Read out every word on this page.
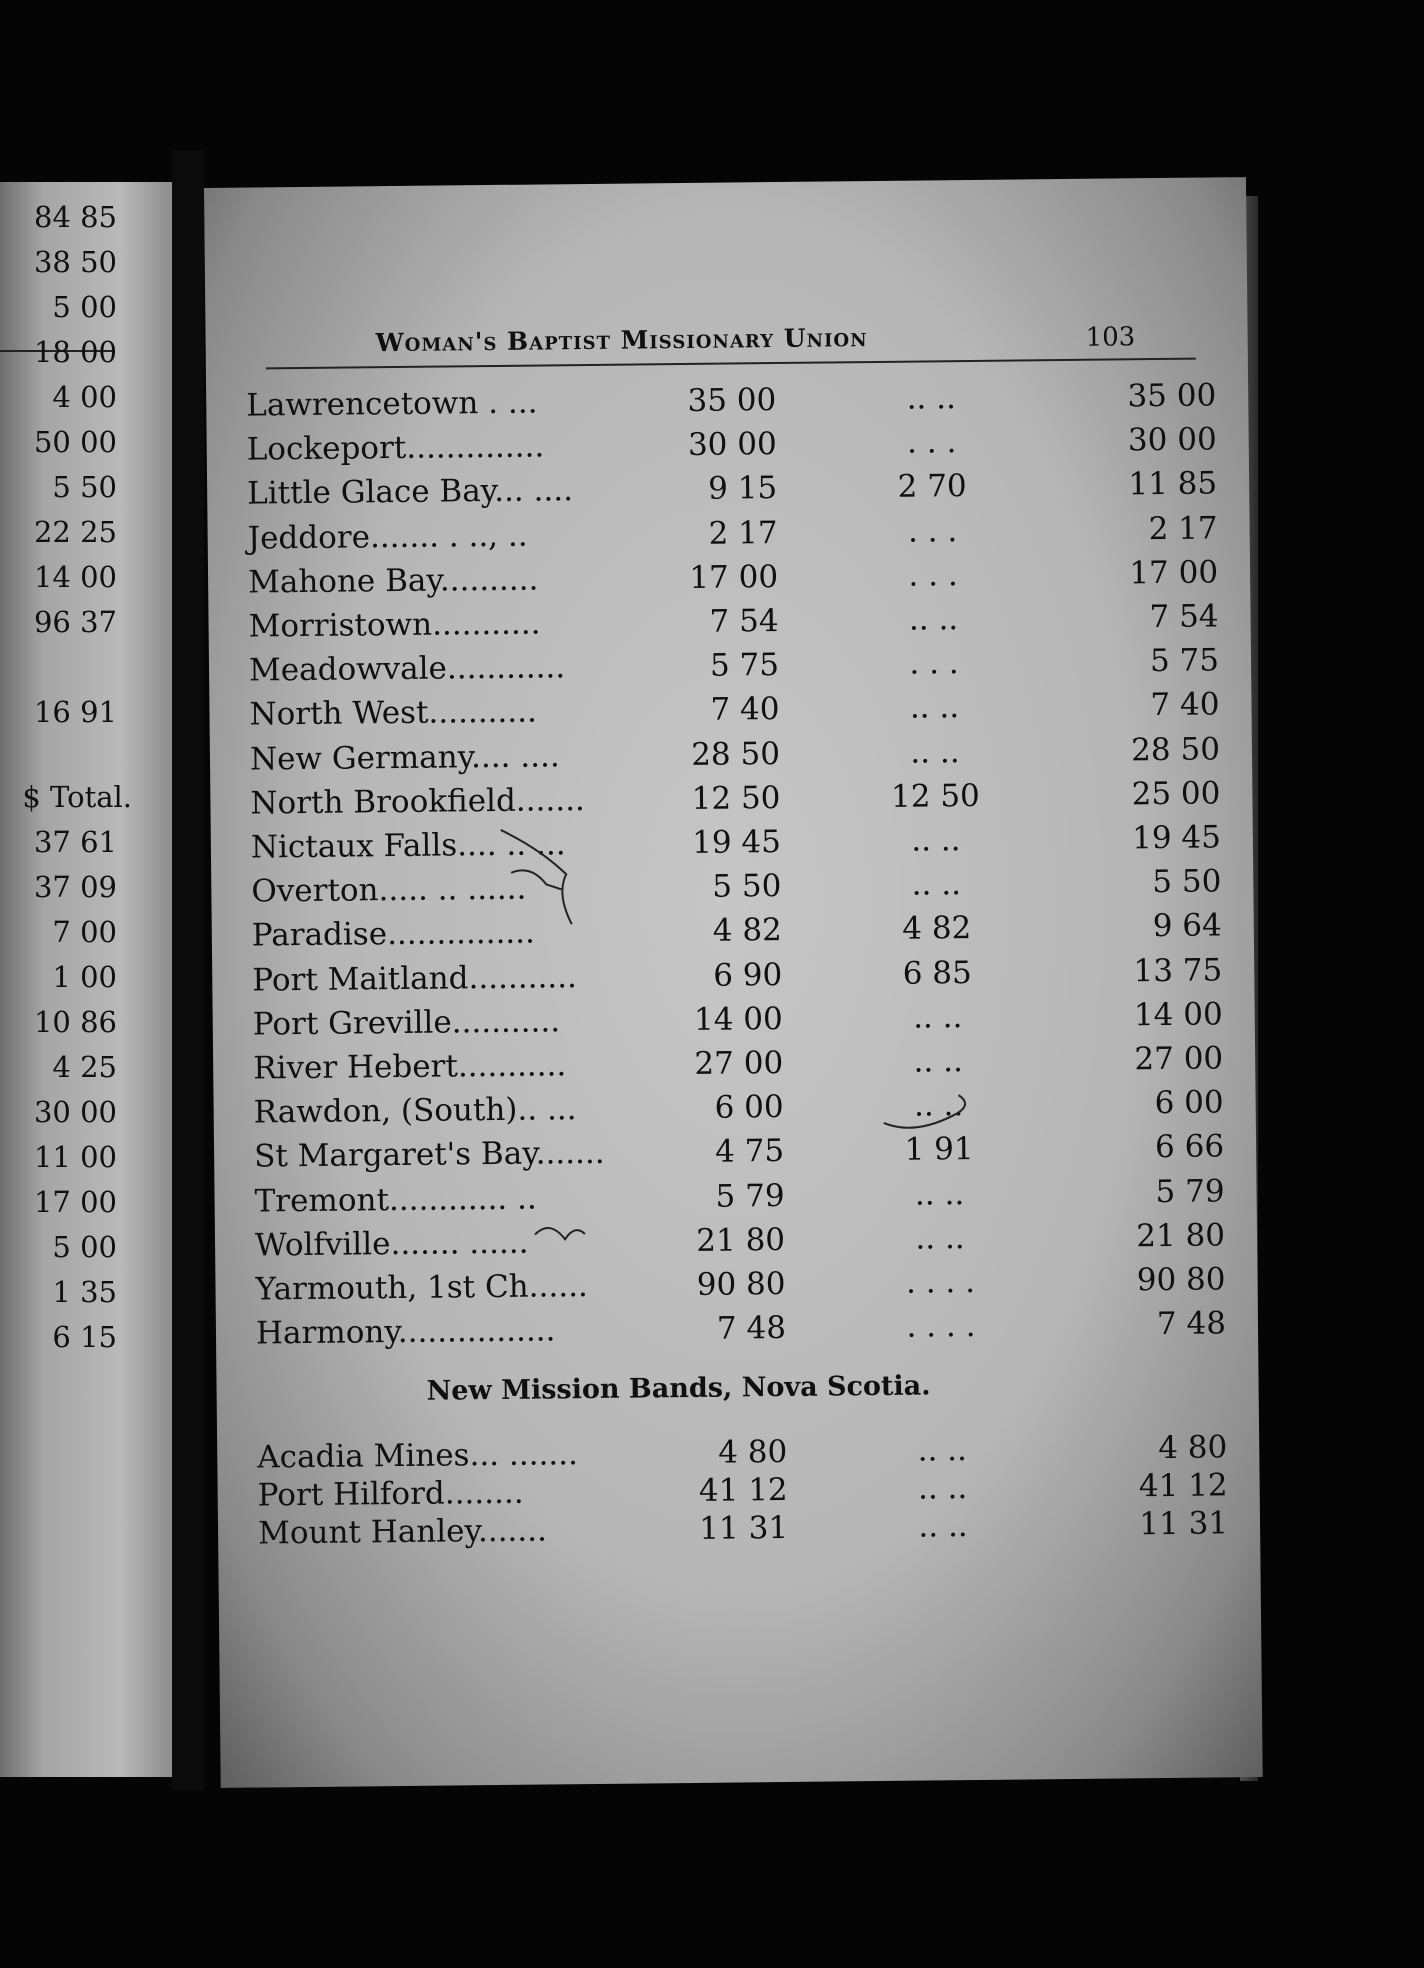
84 85
38 50
5 00
18 00
4 00
50 00
5 50
22 25
14 00
96 37
16 91
$ Total.
37 61
37 09
7 00
1 00
10 86
4 25
30 00
11 00
17 00
5 00
1 35
6 15
Woman's Baptist Missionary Union	103
Lawrencetown . ...	35 00	.. ..	35 00
Lockeport..............	30 00	. . .	30 00
Little Glace Bay... ....	9 15	2 70	11 85
Jeddore....... . .., ..	2 17	. . .	2 17
Mahone Bay..........	17 00	. . .	17 00
Morristown...........	7 54	.. ..	7 54
Meadowvale............	5 75	. . .	5 75
North West...........	7 40	.. ..	7 40
New Germany.... ....	28 50	.. ..	28 50
North Brookfield.......	12 50	12 50	25 00
Nictaux Falls.... .. ...	19 45	.. ..	19 45
Overton..... .. ......	5 50	.. ..	5 50
Paradise...............	4 82	4 82	9 64
Port Maitland...........	6 90	6 85	13 75
Port Greville...........	14 00	.. ..	14 00
River Hebert...........	27 00	.. ..	27 00
Rawdon, (South).. ...	6 00	.. ..	6 00
St Margaret's Bay.......	4 75	1 91	6 66
Tremont............ ..	5 79	.. ..	5 79
Wolfville....... ......	21 80	.. ..	21 80
Yarmouth, 1st Ch......	90 80	. . . .	90 80
Harmony................	7 48	. . . .	7 48
New Mission Bands, Nova Scotia.
Acadia Mines... .......	4 80	.. ..	4 80
Port Hilford........	41 12	.. ..	41 12
Mount Hanley.......	11 31	.. ..	11 31
